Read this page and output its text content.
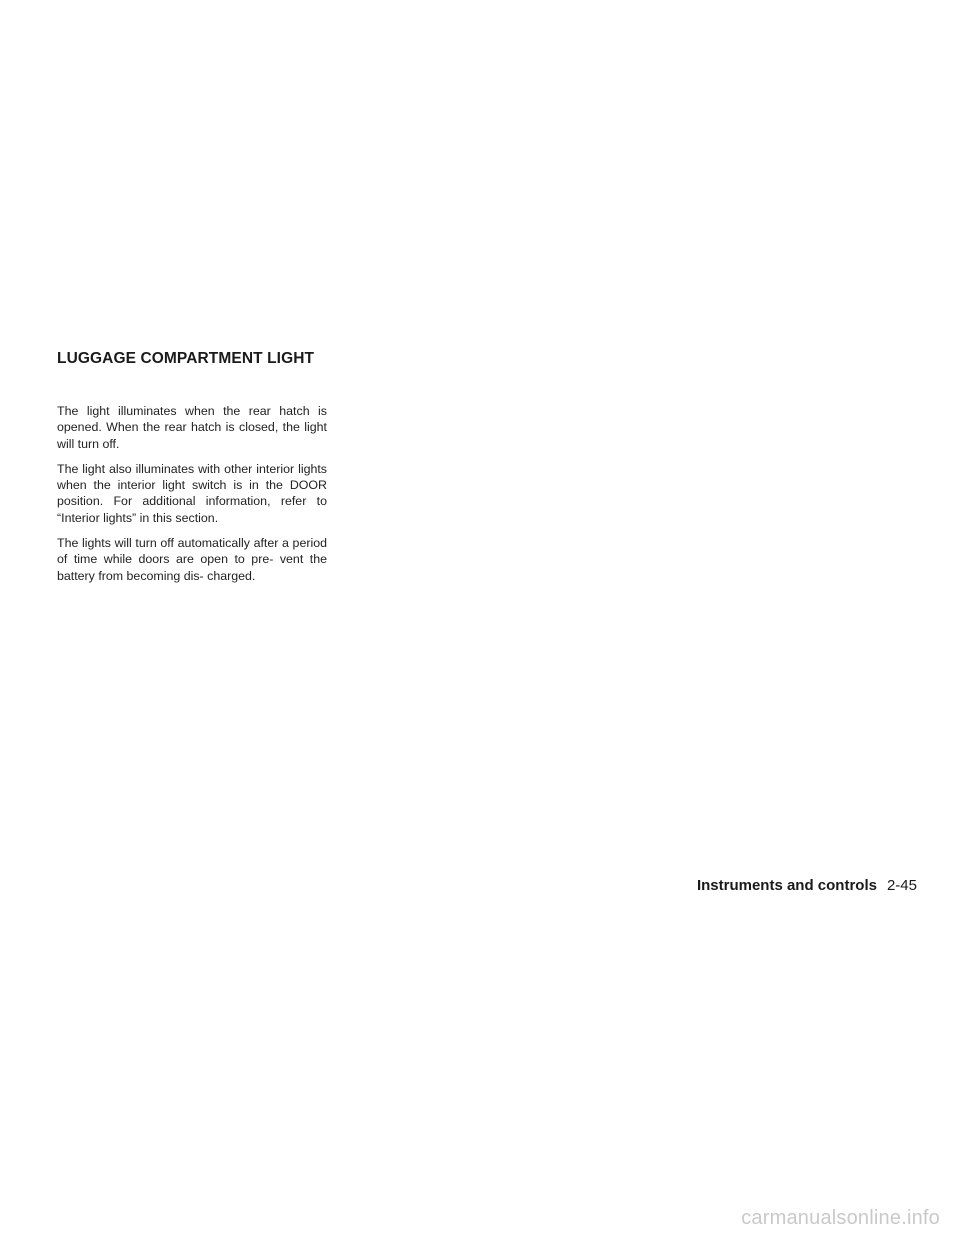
LUGGAGE COMPARTMENT LIGHT

The light illuminates when the rear hatch is opened. When the rear hatch is closed, the light will turn off.

The light also illuminates with other interior lights when the interior light switch is in the DOOR position. For additional information, refer to “Interior lights” in this section.

The lights will turn off automatically after a period of time while doors are open to pre- vent the battery from becoming dis- charged.

Instruments and controls 2-45
carmanualsonline.info
